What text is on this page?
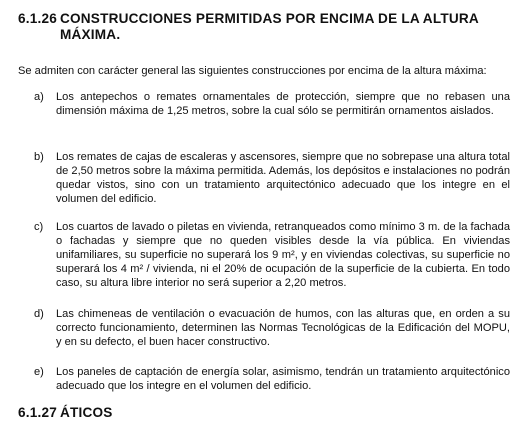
6.1.26 CONSTRUCCIONES PERMITIDAS POR ENCIMA DE LA ALTURA
MÁXIMA.
Se admiten con carácter general las siguientes construcciones por encima de la altura máxima:
a)	Los antepechos o remates ornamentales de protección, siempre que no rebasen una dimensión máxima de 1,25 metros, sobre la cual sólo se permitirán ornamentos aislados.
b)	Los remates de cajas de escaleras y ascensores, siempre que no sobrepase una altura total de 2,50 metros sobre la máxima permitida. Además, los depósitos e instalaciones no podrán quedar vistos, sino con un tratamiento arquitectónico adecuado que los integre en el volumen del edificio.
c)	Los cuartos de lavado o piletas en vivienda, retranqueados como mínimo 3 m. de la fachada o fachadas y siempre que no queden visibles desde la vía pública. En viviendas unifamiliares, su superficie no superará los 9 m², y en viviendas colectivas, su superficie no superará los 4 m² / vivienda, ni el 20% de ocupación de la superficie de la cubierta. En todo caso, su altura libre interior no será superior a 2,20 metros.
d)	Las chimeneas de ventilación o evacuación de humos, con las alturas que, en orden a su correcto funcionamiento, determinen las Normas Tecnológicas de la Edificación del MOPU, y en su defecto, el buen hacer constructivo.
e)	Los paneles de captación de energía solar, asimismo, tendrán un tratamiento arquitectónico adecuado que los integre en el volumen del edificio.
6.1.27 ÁTICOS
